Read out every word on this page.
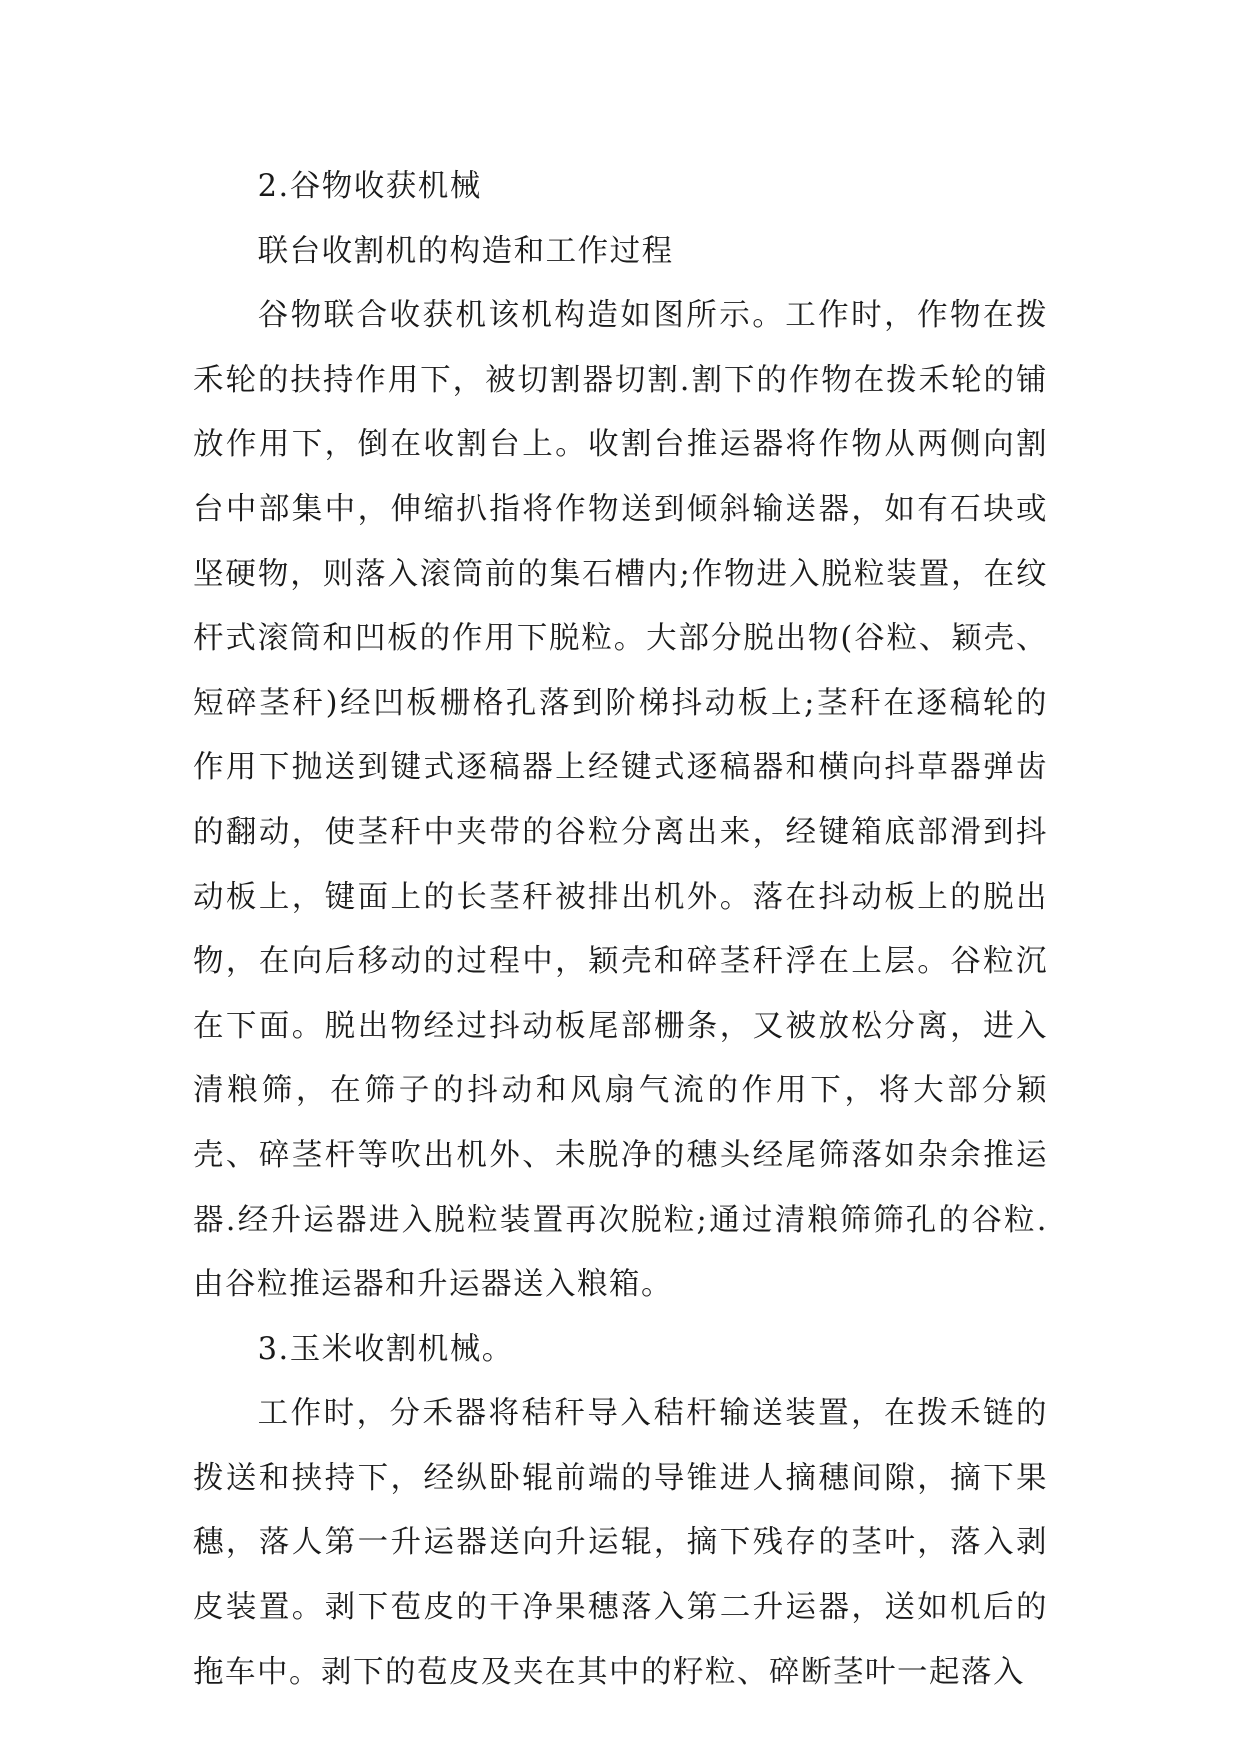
2.谷物收获机械

联台收割机的构造和工作过程

谷物联合收获机该机构造如图所示。工作时，作物在拨禾轮的扶持作用下，被切割器切割.割下的作物在拨禾轮的铺放作用下，倒在收割台上。收割台推运器将作物从两侧向割台中部集中，伸缩扒指将作物送到倾斜输送器，如有石块或坚硬物，则落入滚筒前的集石槽内;作物进入脱粒装置，在纹杆式滚筒和凹板的作用下脱粒。大部分脱出物(谷粒、颖壳、短碎茎秆)经凹板栅格孔落到阶梯抖动板上;茎秆在逐稿轮的作用下抛送到键式逐稿器上经键式逐稿器和横向抖草器弹齿的翻动，使茎秆中夹带的谷粒分离出来，经键箱底部滑到抖动板上，键面上的长茎秆被排出机外。落在抖动板上的脱出物，在向后移动的过程中，颖壳和碎茎秆浮在上层。谷粒沉在下面。脱出物经过抖动板尾部栅条，又被放松分离，进入清粮筛，在筛子的抖动和风扇气流的作用下，将大部分颖壳、碎茎杆等吹出机外、未脱净的穗头经尾筛落如杂余推运器.经升运器进入脱粒装置再次脱粒;通过清粮筛筛孔的谷粒.由谷粒推运器和升运器送入粮箱。

3.玉米收割机械。

工作时，分禾器将秸秆导入秸杆输送装置，在拨禾链的拨送和挟持下，经纵卧辊前端的导锥进人摘穗间隙，摘下果穗，落人第一升运器送向升运辊，摘下残存的茎叶，落入剥皮装置。剥下苞皮的干净果穗落入第二升运器，送如机后的拖车中。剥下的苞皮及夹在其中的籽粒、碎断茎叶一起落入
